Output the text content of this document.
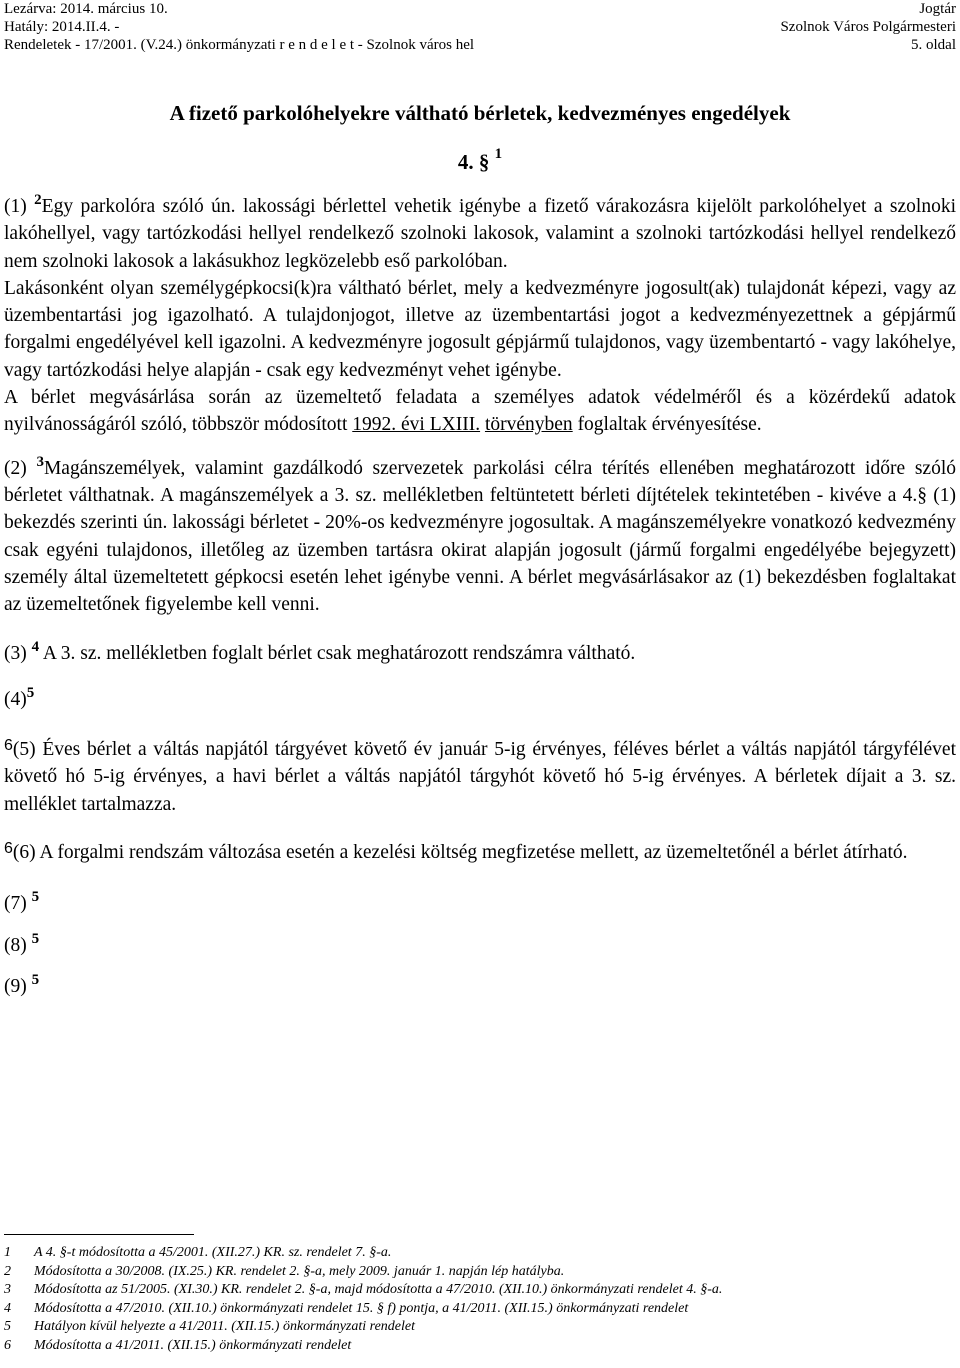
Lezárva: 2014. március 10.
Hatály: 2014.II.4. -
Rendeletek - 17/2001. (V.24.) önkormányzati r e n d e l e t - Szolnok város hel
Jogtár
Szolnok Város Polgármesteri
5. oldal
A fizető parkolóhelyekre váltható bérletek, kedvezményes engedélyek
4. § $^1$

(1) $^2$Egy parkolóra szóló ún. lakossági bérlettel vehetik igénybe a fizető várakozásra kijelölt parkolóhelyet a szolnoki lakóhellyel, vagy tartózkodási hellyel rendelkező szolnoki lakosok, valamint a szolnoki tartózkodási hellyel rendelkező nem szolnoki lakosok a lakásukhoz legközelebb eső parkolóban.

Lakásonként olyan személygépkocsi(k)ra váltható bérlet, mely a kedvezményre jogosult(ak) tulajdonát képezi, vagy az üzembentartási jog igazolható. A tulajdonjogot, illetve az üzembentartási jogot a kedvezményezettnek a gépjármű forgalmi engedélyével kell igazolni. A kedvezményre jogosult gépjármű tulajdonos, vagy üzembentartó - vagy lakóhelye, vagy tartózkodási helye alapján - csak egy kedvezményt vehet igénybe.

A bérlet megvásárlása során az üzemeltető feladata a személyes adatok védelméről és a közérdekű adatok nyilvánosságáról szóló, többször módosított 1992. évi LXIII. törvényben foglaltak érvényesítése.

(2) $^3$Magánszemélyek, valamint gazdálkodó szervezetek parkolási célra térítés ellenében meghatározott időre szóló bérletet válthatnak. A magánszemélyek a 3. sz. mellékletben feltüntetett bérleti díjtételek tekintetében - kivéve a 4.§ (1) bekezdés szerinti ún. lakossági bérletet - 20%-os kedvezményre jogosultak. A magánszemélyekre vonatkozó kedvezmény csak egyéni tulajdonos, illetőleg az üzemben tartásra okirat alapján jogosult (jármű forgalmi engedélyébe bejegyzett) személy által üzemeltetett gépkocsi esetén lehet igénybe venni. A bérlet megvásárlásakor az (1) bekezdésben foglaltakat az üzemeltetőnek figyelembe kell venni.

(3) $^4$ A 3. sz. mellékletben foglalt bérlet csak meghatározott rendszámra váltható.

$(4)^5$

$^6$(5) Éves bérlet a váltás napjától tárgyévet követő év január 5-ig érvényes, féléves bérlet a váltás napjától tárgyfélévet követő hó 5-ig érvényes, a havi bérlet a váltás napjától tárgyhót követő hó 5-ig érvényes. A bérletek díjait a 3. sz. melléklet tartalmazza.

$^6$(6) A forgalmi rendszám változása esetén a kezelési költség megfizetése mellett, az üzemeltetőnél a bérlet átírható.

(7) $^5$

(8) $^5$

(9) $^5$

1 A 4. §-t módosította a 45/2001. (XII.27.) KR. sz. rendelet 7. §-a.
2 Módosította a 30/2008. (IX.25.) KR. rendelet 2. §-a, mely 2009. január 1. napján lép hatályba.
3 Módosította az 51/2005. (XI.30.) KR. rendelet 2. §-a, majd módosította a 47/2010. (XII.10.) önkormányzati rendelet 4. §-a.
4 Módosította a 47/2010. (XII.10.) önkormányzati rendelet 15. § f) pontja, a 41/2011. (XII.15.) önkormányzati rendelet
5 Hatályon kívül helyezte a 41/2011. (XII.15.) önkormányzati rendelet
6 Módosította a 41/2011. (XII.15.) önkormányzati rendelet
